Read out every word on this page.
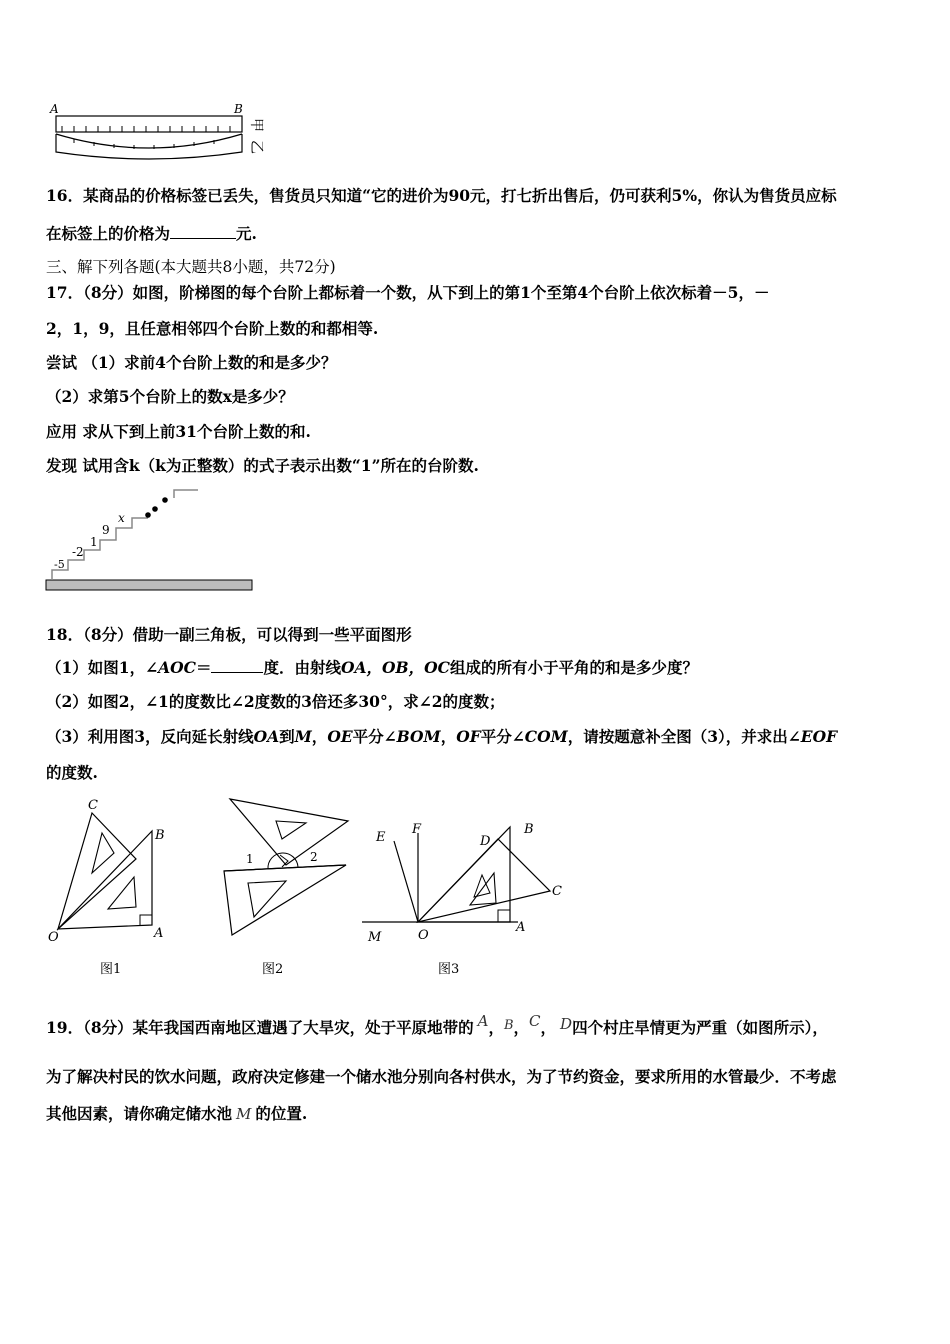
A	B
甲
乙
16．某商品的价格标签已丢失，售货员只知道“它的进价为90元，打七折出售后，仍可获利5%，你认为售货员应标
在标签上的价格为	元.
三、解下列各题(本大题共8小题，共72分)
17．（8分）如图，阶梯图的每个台阶上都标着一个数，从下到上的第1个至第4个台阶上依次标着－5，－
2，1，9，且任意相邻四个台阶上数的和都相等.
尝试 （1）求前4个台阶上数的和是多少？
（2）求第5个台阶上的数x是多少？
应用 求从下到上前31个台阶上数的和.
发现 试用含k（k为正整数）的式子表示出数“1”所在的台阶数.
-5
-2
1
9
x
18．（8分）借助一副三角板，可以得到一些平面图形
（1）如图1，∠AOC＝	度．由射线OA，OB，OC组成的所有小于平角的和是多少度？
（2）如图2，∠1的度数比∠2度数的3倍还多30°，求∠2的度数；
（3）利用图3，反向延长射线OA到M，OE平分∠BOM，OF平分∠COM，请按题意补全图（3），并求出∠EOF
的度数.
C
B
O	A
图1
1	2
图2
E
F
D
B
C
M	O
A
图3
19．（8分）某年我国西南地区遭遇了大旱灾，处于平原地带的 A，$^B$，C， D四个村庄旱情更为严重（如图所示），
为了解决村民的饮水问题，政府决定修建一个储水池分别向各村供水，为了节约资金，要求所用的水管最少．不考虑
其他因素，请你确定储水池 M 的位置.
